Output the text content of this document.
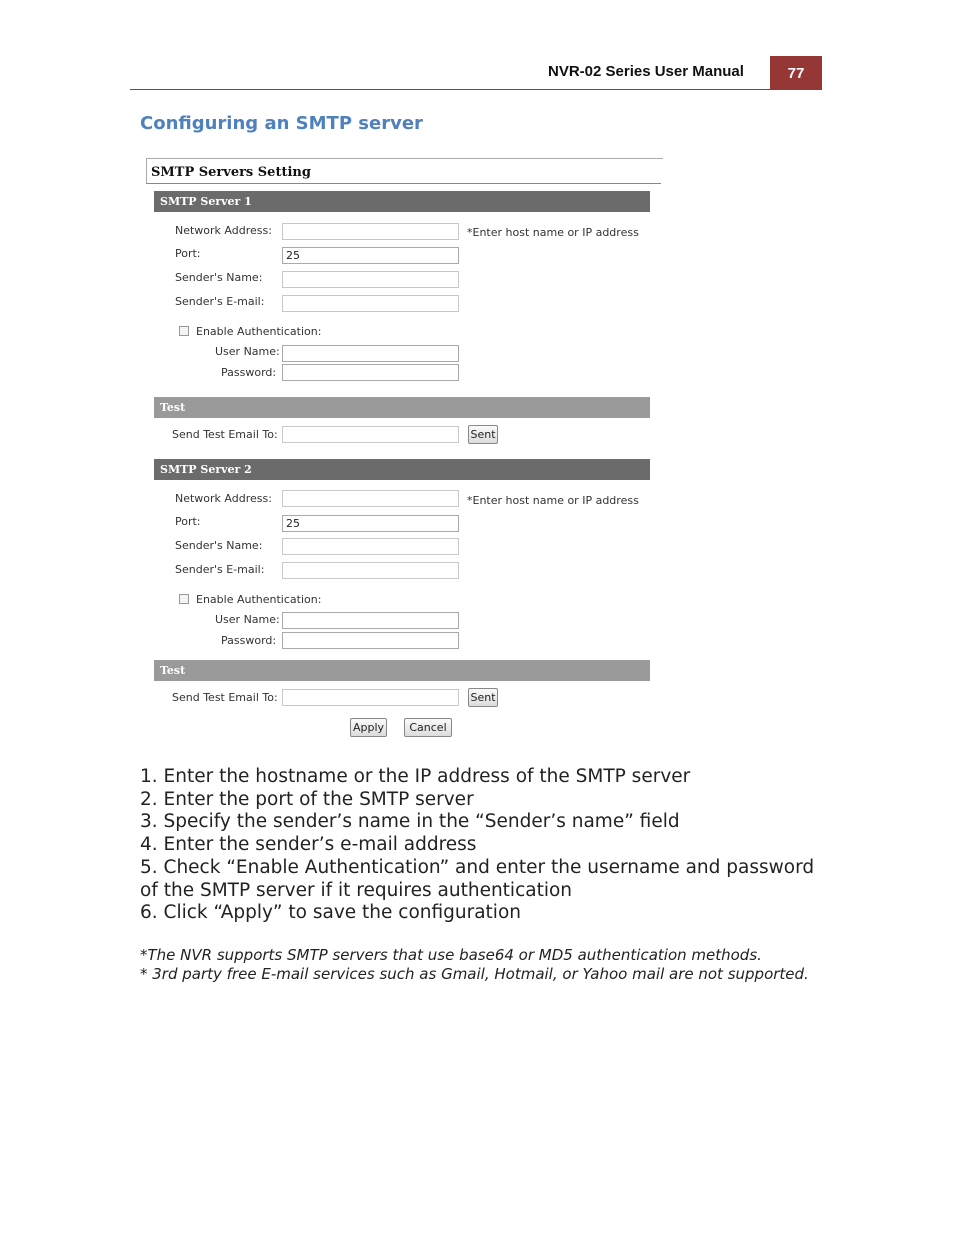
NVR-02 Series User Manual	77
Configuring an SMTP server
SMTP Servers Setting
SMTP Server 1
Network Address:	*Enter host name or IP address
Port:	25
Sender's Name:
Sender's E-mail:
Enable Authentication:
User Name:
Password:
Test
Send Test Email To:	Sent
SMTP Server 2
Network Address:	*Enter host name or IP address
Port:	25
Sender's Name:
Sender's E-mail:
Enable Authentication:
User Name:
Password:
Test
Send Test Email To:	Sent
Apply	Cancel
1. Enter the hostname or the IP address of the SMTP server
2. Enter the port of the SMTP server
3. Specify the sender’s name in the “Sender’s name” field
4. Enter the sender’s e-mail address
5. Check “Enable Authentication” and enter the username and password of the SMTP server if it requires authentication
6. Click “Apply” to save the configuration

*The NVR supports SMTP servers that use base64 or MD5 authentication methods.

* 3rd party free E-mail services such as Gmail, Hotmail, or Yahoo mail are not supported.
